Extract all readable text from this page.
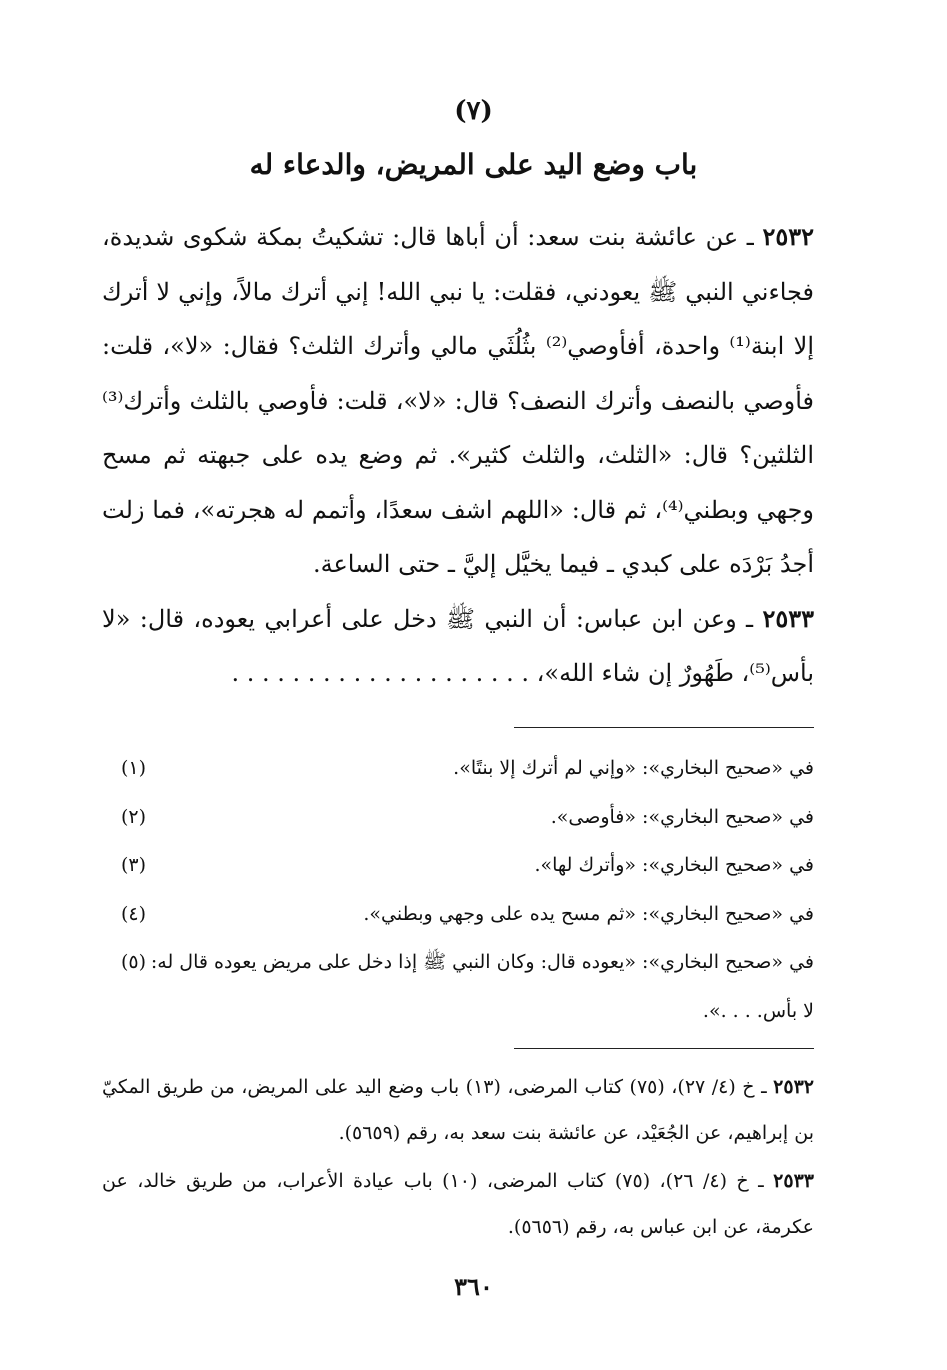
(٧)
باب وضع اليد على المريض، والدعاء له

٢٥٣٢ ـ عن عائشة بنت سعد: أن أباها قال: تشكيتُ بمكة شكوى شديدة، فجاءني النبي ﷺ يعودني، فقلت: يا نبي الله! إني أترك مالاً، وإني لا أترك إلا ابنة⁽¹⁾ واحدة، أفأوصي⁽²⁾ بثُلُثَي مالي وأترك الثلث؟ فقال: «لا»، قلت: فأوصي بالنصف وأترك النصف؟ قال: «لا»، قلت: فأوصي بالثلث وأترك⁽³⁾ الثلثين؟ قال: «الثلث، والثلث كثير». ثم وضع يده على جبهته ثم مسح وجهي وبطني⁽⁴⁾، ثم قال: «اللهم اشف سعدًا، وأتمم له هجرته»، فما زلت أجدُ بَرْدَه على كبدي ـ فيما يخيَّل إليَّ ـ حتى الساعة.

٢٥٣٣ ـ وعن ابن عباس: أن النبي ﷺ دخل على أعرابي يعوده، قال: «لا بأس⁽⁵⁾، طَهُورٌ إن شاء الله»، . . . . . . . . . . . . . . . . . . . .

(١)	في «صحيح البخاري»: «وإني لم أترك إلا بنتًا».
(٢)	في «صحيح البخاري»: «فأوصى».
(٣)	في «صحيح البخاري»: «وأترك لها».
(٤)	في «صحيح البخاري»: «ثم مسح يده على وجهي وبطني».
(٥) في «صحيح البخاري»: «يعوده قال: وكان النبي ﷺ إذا دخل على مريض يعوده قال له: لا بأس. . . .».

٢٥٣٢ ـ خ (٤/ ٢٧)، (٧٥) كتاب المرضى، (١٣) باب وضع اليد على المريض، من طريق المكيّ بن إبراهيم، عن الجُعَيْد، عن عائشة بنت سعد به، رقم (٥٦٥٩).

٢٥٣٣ ـ خ (٤/ ٢٦)، (٧٥) كتاب المرضى، (١٠) باب عيادة الأعراب، من طريق خالد، عن عكرمة، عن ابن عباس به، رقم (٥٦٥٦).

٣٦٠
